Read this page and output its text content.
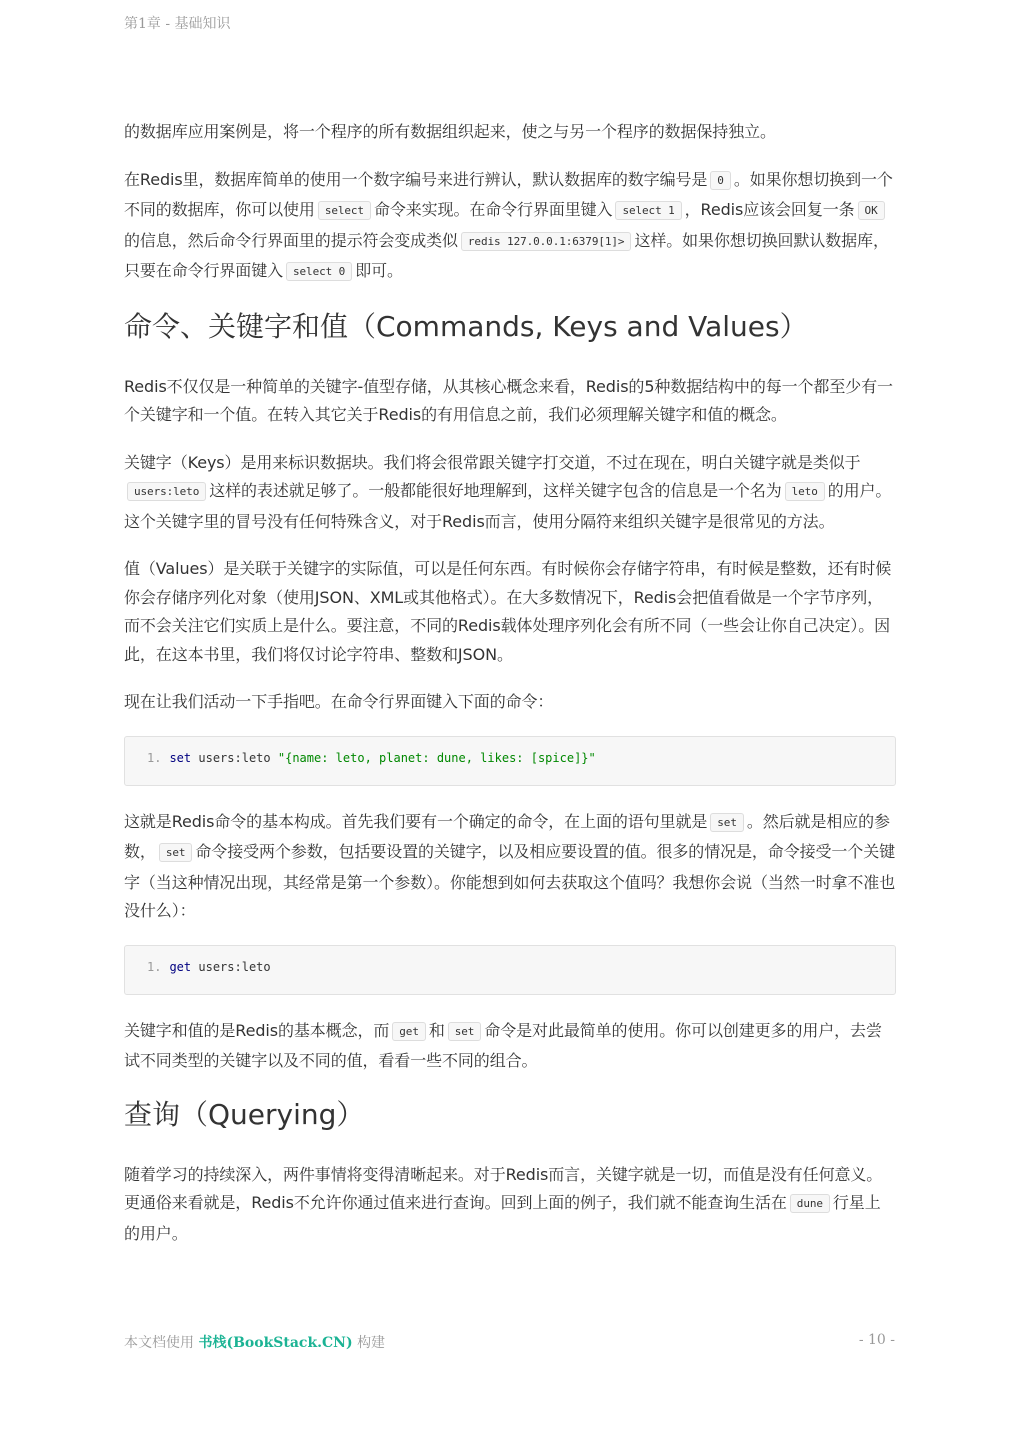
第1章 - 基础知识

的数据库应用案例是，将一个程序的所有数据组织起来，使之与另一个程序的数据保持独立。

在Redis里，数据库简单的使用一个数字编号来进行辨认，默认数据库的数字编号是 0 。如果你想切换到一个不同的数据库，你可以使用 select 命令来实现。在命令行界面里键入 select 1 ，Redis应该会回复一条 OK的信息，然后命令行界面里的提示符会变成类似 redis 127.0.0.1:6379[1]> 这样。如果你想切换回默认数据库，只要在命令行界面键入 select 0 即可。

命令、关键字和值（Commands, Keys and Values）

Redis不仅仅是一种简单的关键字-值型存储，从其核心概念来看，Redis的5种数据结构中的每一个都至少有一个关键字和一个值。在转入其它关于Redis的有用信息之前，我们必须理解关键字和值的概念。

关键字（Keys）是用来标识数据块。我们将会很常跟关键字打交道，不过在现在，明白关键字就是类似于users:leto 这样的表述就足够了。一般都能很好地理解到，这样关键字包含的信息是一个名为 leto 的用户。这个关键字里的冒号没有任何特殊含义，对于Redis而言，使用分隔符来组织关键字是很常见的方法。

值（Values）是关联于关键字的实际值，可以是任何东西。有时候你会存储字符串，有时候是整数，还有时候你会存储序列化对象（使用JSON、XML或其他格式）。在大多数情况下，Redis会把值看做是一个字节序列，而不会关注它们实质上是什么。要注意，不同的Redis载体处理序列化会有所不同（一些会让你自己决定）。因此，在这本书里，我们将仅讨论字符串、整数和JSON。

现在让我们活动一下手指吧。在命令行界面键入下面的命令：

1. set users:leto "{name: leto, planet: dune, likes: [spice]}"

这就是Redis命令的基本构成。首先我们要有一个确定的命令，在上面的语句里就是 set 。然后就是相应的参数， set 命令接受两个参数，包括要设置的关键字，以及相应要设置的值。很多的情况是，命令接受一个关键字（当这种情况出现，其经常是第一个参数）。你能想到如何去获取这个值吗？我想你会说（当然一时拿不准也没什么）：

1. get users:leto

关键字和值的是Redis的基本概念，而 get 和 set 命令是对此最简单的使用。你可以创建更多的用户，去尝试不同类型的关键字以及不同的值，看看一些不同的组合。

查询（Querying）

随着学习的持续深入，两件事情将变得清晰起来。对于Redis而言，关键字就是一切，而值是没有任何意义。更通俗来看就是，Redis不允许你通过值来进行查询。回到上面的例子，我们就不能查询生活在 dune 行星上的用户。

本文档使用 书栈(BookStack.CN) 构建	- 10 -
